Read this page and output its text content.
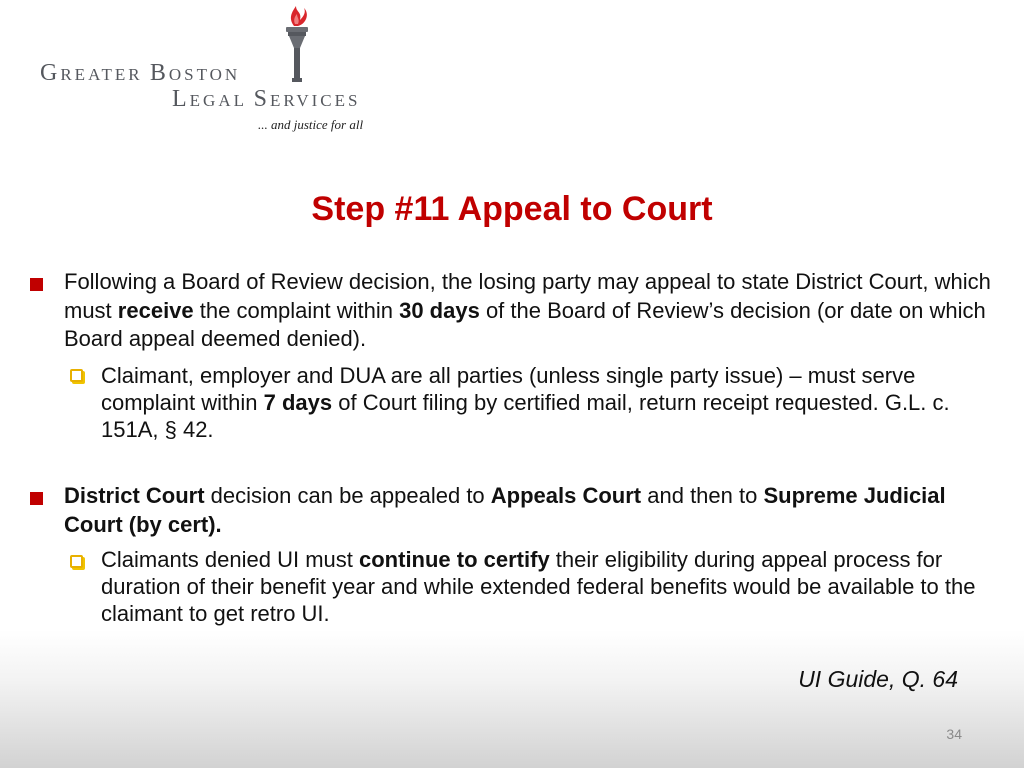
GREATER BOSTON
LEGAL SERVICES
... and justice for all
Step #11 Appeal to Court
Following a Board of Review decision, the losing party may appeal to state District Court, which must receive the complaint within 30 days of the Board of Review’s decision (or date on which Board appeal deemed denied).
Claimant, employer and DUA are all parties (unless single party issue) – must serve complaint within 7 days of Court filing by certified mail, return receipt requested. G.L. c. 151A, § 42.
District Court decision can be appealed to Appeals Court and then to Supreme Judicial Court (by cert).
Claimants denied UI must continue to certify their eligibility during appeal process for duration of their benefit year and while extended federal benefits would be available to the claimant to get retro UI.
UI Guide, Q. 64
34
